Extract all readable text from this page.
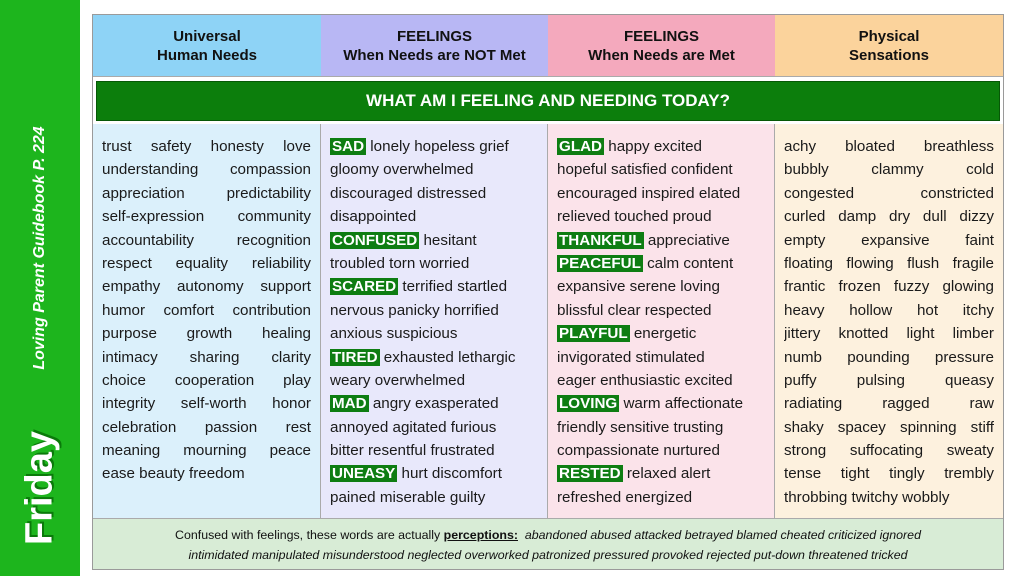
Loving Parent Guidebook P. 224
Friday
Universal
Human Needs
FEELINGS
When Needs are NOT Met
FEELINGS
When Needs are Met
Physical
Sensations
WHAT AM I FEELING AND NEEDING TODAY?
trust safety honesty love
understanding compassion
appreciation predictability
self-expression community
accountability recognition
respect equality reliability
empathy autonomy support
humor comfort contribution
purpose growth healing
intimacy sharing clarity
choice cooperation play
integrity self-worth honor
celebration passion rest
meaning mourning peace
ease beauty freedom
SAD lonely hopeless grief
gloomy overwhelmed
discouraged distressed
disappointed
CONFUSED hesitant
troubled torn worried
SCARED terrified startled
nervous panicky horrified
anxious suspicious
TIRED exhausted lethargic
weary overwhelmed
MAD angry exasperated
annoyed agitated furious
bitter resentful frustrated
UNEASY hurt discomfort
pained miserable guilty
GLAD happy excited
hopeful satisfied confident
encouraged inspired elated
relieved touched proud
THANKFUL appreciative
PEACEFUL calm content
expansive serene loving
blissful clear respected
PLAYFUL energetic
invigorated stimulated
eager enthusiastic excited
LOVING warm affectionate
friendly sensitive trusting
compassionate nurtured
RESTED relaxed alert
refreshed energized
achy bloated breathless
bubbly clammy cold
congested constricted
curled damp dry dull dizzy
empty expansive faint
floating flowing flush fragile
frantic frozen fuzzy glowing
heavy hollow hot itchy
jittery knotted light limber
numb pounding pressure
puffy pulsing queasy
radiating ragged raw
shaky spacey spinning stiff
strong suffocating sweaty
tense tight tingly trembly
throbbing twitchy wobbly
Confused with feelings, these words are actually perceptions: abandoned abused attacked betrayed blamed cheated criticized ignored
intimidated manipulated misunderstood neglected overworked patronized pressured provoked rejected put-down threatened tricked
